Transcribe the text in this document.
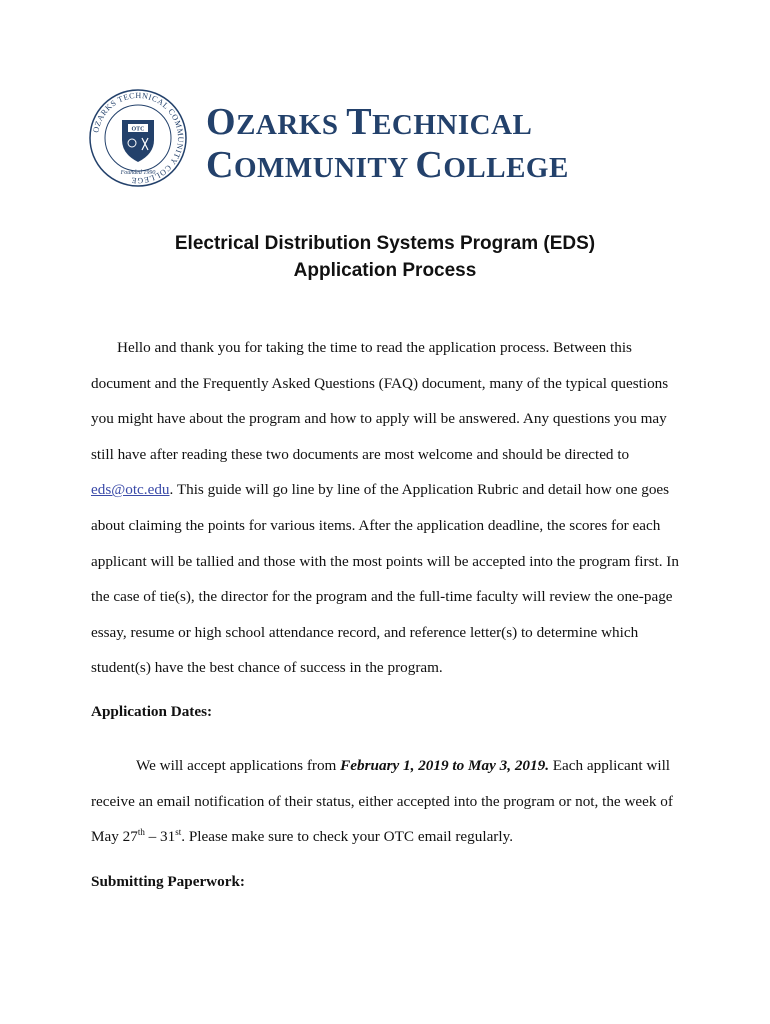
OZARKS TECHNICAL COMMUNITY COLLEGE
OTC
Founded 1990
OZARKS TECHNICAL
COMMUNITY COLLEGE
Electrical Distribution Systems Program (EDS)
Application Process
Hello and thank you for taking the time to read the application process. Between this document and the Frequently Asked Questions (FAQ) document, many of the typical questions you might have about the program and how to apply will be answered. Any questions you may still have after reading these two documents are most welcome and should be directed to eds@otc.edu. This guide will go line by line of the Application Rubric and detail how one goes about claiming the points for various items. After the application deadline, the scores for each applicant will be tallied and those with the most points will be accepted into the program first. In the case of tie(s), the director for the program and the full-time faculty will review the one-page essay, resume or high school attendance record, and reference letter(s) to determine which student(s) have the best chance of success in the program.
Application Dates:
We will accept applications from February 1, 2019 to May 3, 2019. Each applicant will receive an email notification of their status, either accepted into the program or not, the week of May 27th – 31st. Please make sure to check your OTC email regularly.
Submitting Paperwork:
